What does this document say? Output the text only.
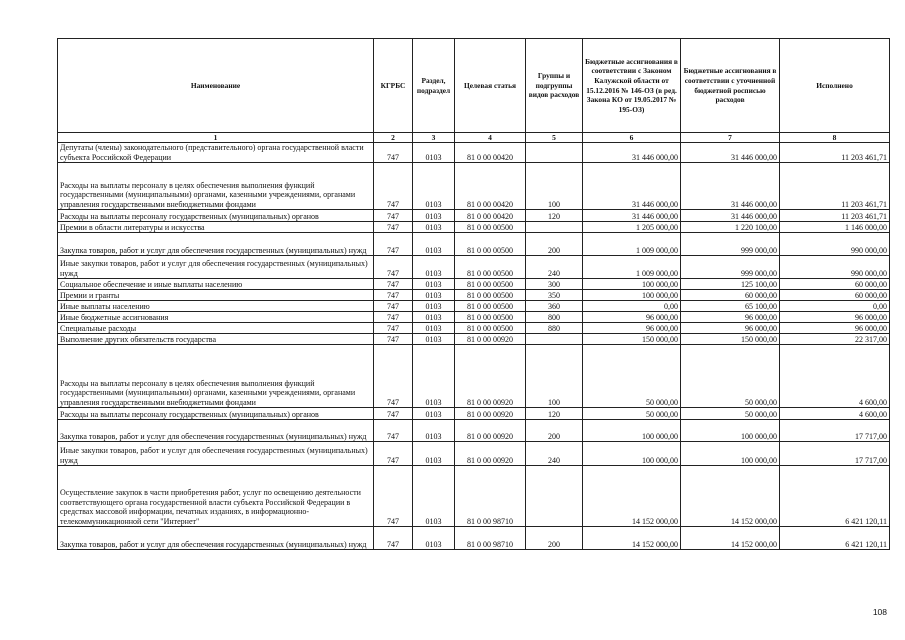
Наименование	КГРБС	Раздел, подраздел	Целевая статья	Группы и подгруппы видов расходов	Бюджетные ассигнования в соответствии с Законом Калужской области от 15.12.2016 № 146-ОЗ (в ред. Закона КО от 19.05.2017 № 195-ОЗ)	Бюджетные ассигнования в соответствии с уточненной бюджетной росписью расходов	Исполнено
1	2	3	4	5	6	7	8
Депутаты (члены) законодательного (представительного) органа государственной власти субъекта Российской Федерации	747	0103	81 0 00 00420		31 446 000,00	31 446 000,00	11 203 461,71
Расходы на выплаты персоналу в целях обеспечения выполнения функций государственными (муниципальными) органами, казенными учреждениями, органами управления государственными внебюджетными фондами	747	0103	81 0 00 00420	100	31 446 000,00	31 446 000,00	11 203 461,71
Расходы на выплаты персоналу государственных (муниципальных) органов	747	0103	81 0 00 00420	120	31 446 000,00	31 446 000,00	11 203 461,71
Премии в области литературы и искусства	747	0103	81 0 00 00500		1 205 000,00	1 220 100,00	1 146 000,00
Закупка товаров, работ и услуг для обеспечения государственных (муниципальных) нужд	747	0103	81 0 00 00500	200	1 009 000,00	999 000,00	990 000,00
Иные закупки товаров, работ и услуг для обеспечения государственных (муниципальных) нужд	747	0103	81 0 00 00500	240	1 009 000,00	999 000,00	990 000,00
Социальное обеспечение и иные выплаты населению	747	0103	81 0 00 00500	300	100 000,00	125 100,00	60 000,00
Премии и гранты	747	0103	81 0 00 00500	350	100 000,00	60 000,00	60 000,00
Иные выплаты населению	747	0103	81 0 00 00500	360	0,00	65 100,00	0,00
Иные бюджетные ассигнования	747	0103	81 0 00 00500	800	96 000,00	96 000,00	96 000,00
Специальные расходы	747	0103	81 0 00 00500	880	96 000,00	96 000,00	96 000,00
Выполнение других обязательств государства	747	0103	81 0 00 00920		150 000,00	150 000,00	22 317,00
Расходы на выплаты персоналу в целях обеспечения выполнения функций государственными (муниципальными) органами, казенными учреждениями, органами управления государственными внебюджетными фондами	747	0103	81 0 00 00920	100	50 000,00	50 000,00	4 600,00
Расходы на выплаты персоналу государственных (муниципальных) органов	747	0103	81 0 00 00920	120	50 000,00	50 000,00	4 600,00
Закупка товаров, работ и услуг для обеспечения государственных (муниципальных) нужд	747	0103	81 0 00 00920	200	100 000,00	100 000,00	17 717,00
Иные закупки товаров, работ и услуг для обеспечения государственных (муниципальных) нужд	747	0103	81 0 00 00920	240	100 000,00	100 000,00	17 717,00
Осуществление закупок в части приобретения работ, услуг по освещению деятельности соответствующего органа государственной власти субъекта Российской Федерации в средствах массовой информации, печатных изданиях, в информационно-телекоммуникационной сети "Интернет"	747	0103	81 0 00 98710		14 152 000,00	14 152 000,00	6 421 120,11
Закупка товаров, работ и услуг для обеспечения государственных (муниципальных) нужд	747	0103	81 0 00 98710	200	14 152 000,00	14 152 000,00	6 421 120,11
108
